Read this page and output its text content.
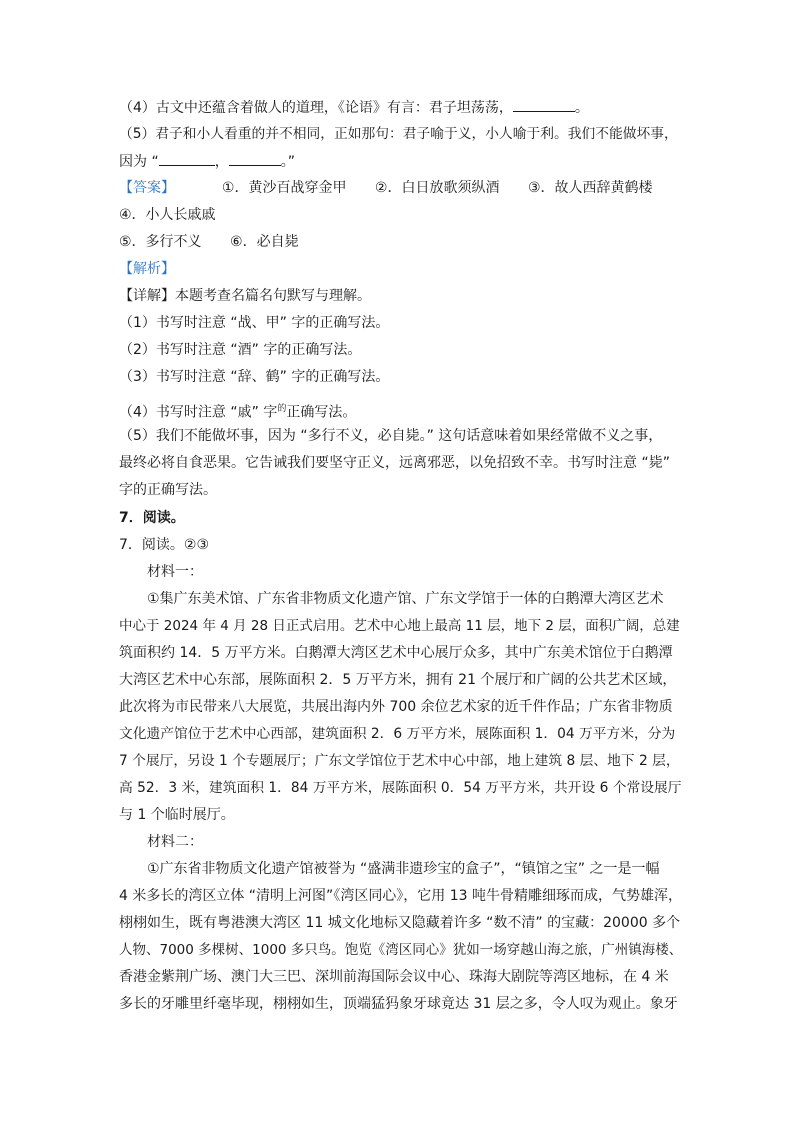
（4）古文中还蕴含着做人的道理，《论语》有言：君子坦荡荡，	。
（5）君子和小人看重的并不相同，正如那句：君子喻于义，小人喻于利。我们不能做坏事，
因为 “	，	。”
【答案】	①．黄沙百战穿金甲 ②．白日放歌须纵酒 ③．故人西辞黄鹤楼
④．小人长戚戚
⑤．多行不义 ⑥．必自毙
【解析】
【详解】本题考查名篇名句默写与理解。
（1）书写时注意 “战、甲” 字的正确写法。
（2）书写时注意 “酒” 字的正确写法。
（3）书写时注意 “辞、鹤” 字的正确写法。
（4）书写时注意 “戚” 字$^的$正确写法。
（5）我们不能做坏事，因为 “多行不义，必自毙。” 这句话意味着如果经常做不义之事，
最终必将自食恶果。它告诫我们要坚守正义，远离邪恶，以免招致不幸。书写时注意 “毙”
字的正确写法。
7．阅读。
7．阅读。②③
材料一：
①集广东美术馆、广东省非物质文化遗产馆、广东文学馆于一体的白鹅潭大湾区艺术
中心于 2024 年 4 月 28 日正式启用。艺术中心地上最高 11 层，地下 2 层，面积广阔，总建
筑面积约 14．5 万平方米。白鹅潭大湾区艺术中心展厅众多，其中广东美术馆位于白鹅潭
大湾区艺术中心东部，展陈面积 2．5 万平方米，拥有 21 个展厅和广阔的公共艺术区域，
此次将为市民带来八大展览，共展出海内外 700 余位艺术家的近千件作品；广东省非物质
文化遗产馆位于艺术中心西部，建筑面积 2．6 万平方米，展陈面积 1．04 万平方米，分为
7 个展厅，另设 1 个专题展厅；广东文学馆位于艺术中心中部，地上建筑 8 层、地下 2 层，
高 52．3 米，建筑面积 1．84 万平方米，展陈面积 0．54 万平方米，共开设 6 个常设展厅
与 1 个临时展厅。
材料二：
①广东省非物质文化遗产馆被誉为 “盛满非遗珍宝的盒子”，“镇馆之宝” 之一是一幅
4 米多长的湾区立体 “清明上河图”《湾区同心》，它用 13 吨牛骨精雕细琢而成，气势雄浑，
栩栩如生，既有粤港澳大湾区 11 城文化地标又隐藏着许多 “数不清” 的宝藏：20000 多个
人物、7000 多棵树、1000 多只鸟。饱览《湾区同心》犹如一场穿越山海之旅，广州镇海楼、
香港金紫荆广场、澳门大三巴、深圳前海国际会议中心、珠海大剧院等湾区地标，在 4 米
多长的牙雕里纤毫毕现，栩栩如生，顶端猛犸象牙球竟达 31 层之多，令人叹为观止。象牙
